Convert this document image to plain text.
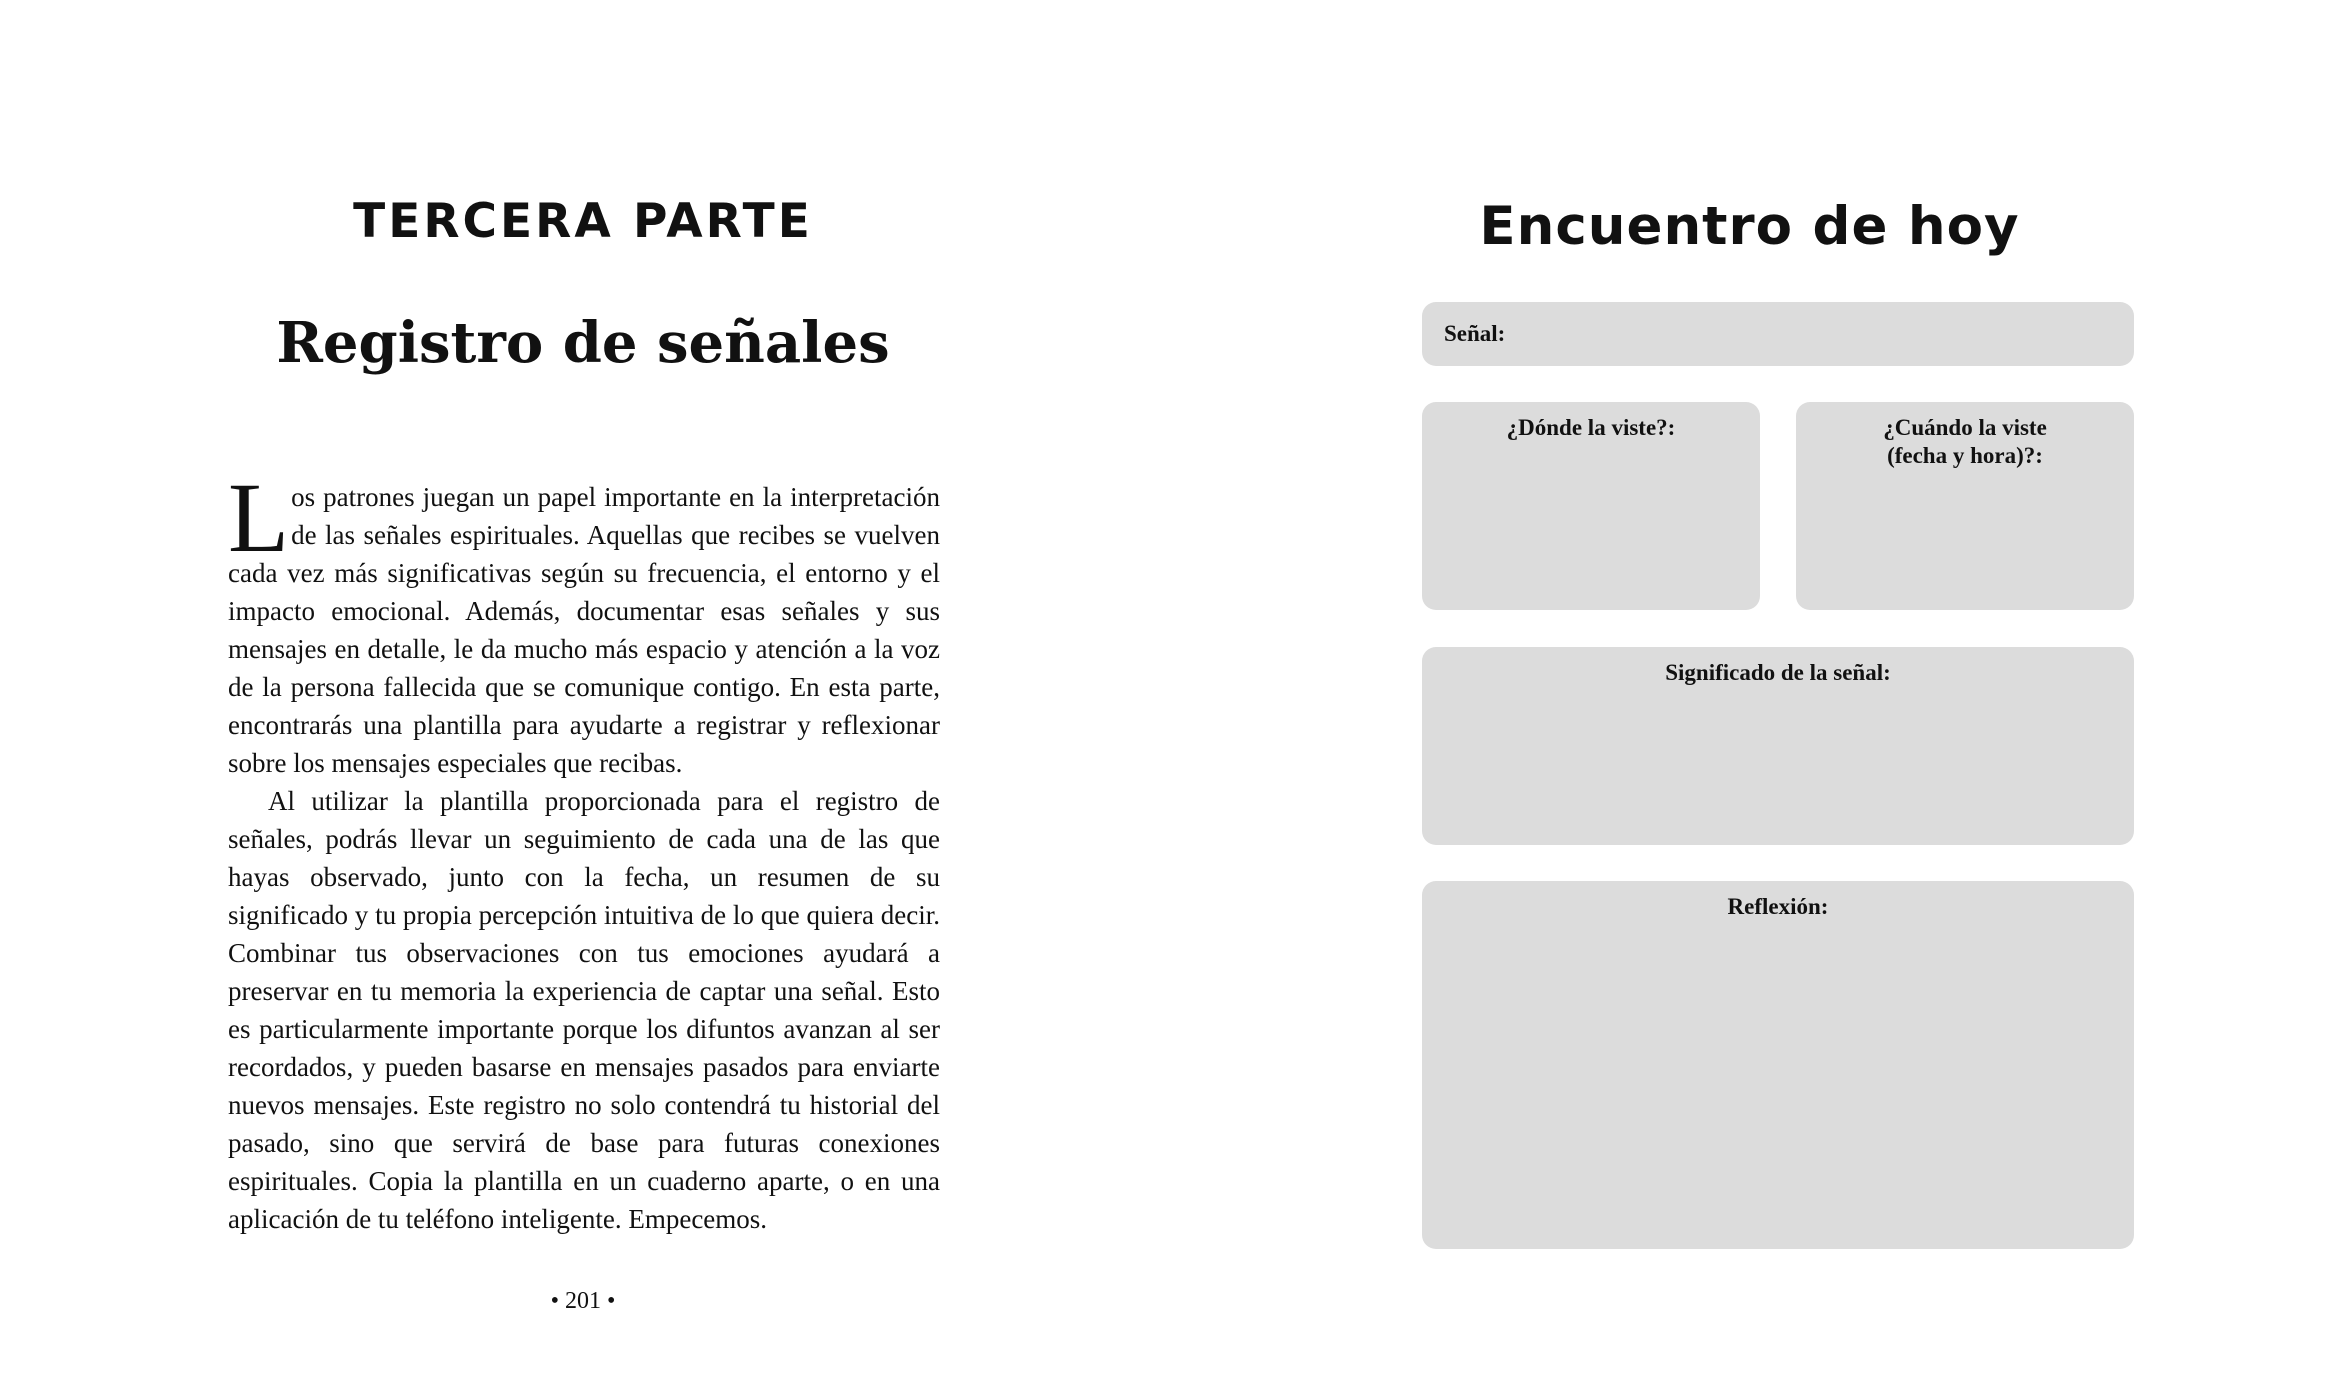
TERCERA PARTE
Registro de señales

Los patrones juegan un papel importante en la interpretación de las señales espirituales. Aquellas que recibes se vuelven cada vez más significativas según su frecuencia, el entorno y el impacto emocional. Además, documentar esas señales y sus mensajes en detalle, le da mucho más espacio y atención a la voz de la persona fallecida que se comunique contigo. En esta parte, encontrarás una plantilla para ayudarte a registrar y reflexionar sobre los mensajes especiales que recibas.

Al utilizar la plantilla proporcionada para el registro de señales, podrás llevar un seguimiento de cada una de las que hayas observado, junto con la fecha, un resumen de su significado y tu propia percepción intuitiva de lo que quiera decir. Combinar tus observaciones con tus emociones ayudará a preservar en tu memoria la experiencia de captar una señal. Esto es particularmente importante porque los difuntos avanzan al ser recordados, y pueden basarse en mensajes pasados para enviarte nuevos mensajes. Este registro no solo contendrá tu historial del pasado, sino que servirá de base para futuras conexiones espirituales. Copia la plantilla en un cuaderno aparte, o en una aplicación de tu teléfono inteligente. Empecemos.

• 201 •
Encuentro de hoy
Señal:
¿Dónde la viste?:	¿Cuándo la viste (fecha y hora)?:
Significado de la señal:
Reflexión:
